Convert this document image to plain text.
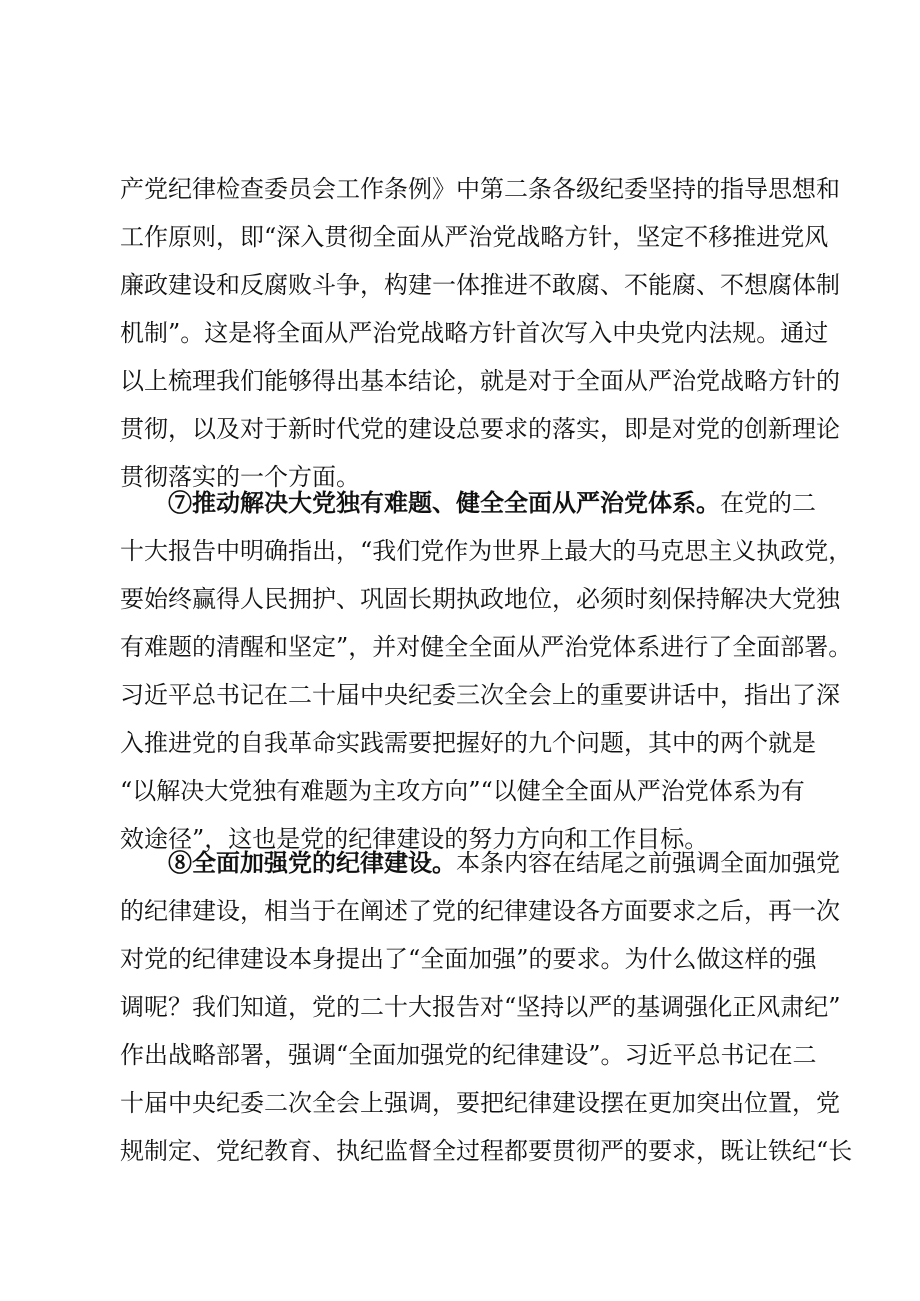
产党纪律检查委员会工作条例》中第二条各级纪委坚持的指导思想和
工作原则，即“深入贯彻全面从严治党战略方针，坚定不移推进党风
廉政建设和反腐败斗争，构建一体推进不敢腐、不能腐、不想腐体制
机制”。这是将全面从严治党战略方针首次写入中央党内法规。通过
以上梳理我们能够得出基本结论，就是对于全面从严治党战略方针的
贯彻，以及对于新时代党的建设总要求的落实，即是对党的创新理论
贯彻落实的一个方面。
⑦推动解决大党独有难题、健全全面从严治党体系。在党的二
十大报告中明确指出，“我们党作为世界上最大的马克思主义执政党，
要始终赢得人民拥护、巩固长期执政地位，必须时刻保持解决大党独
有难题的清醒和坚定”，并对健全全面从严治党体系进行了全面部署。
习近平总书记在二十届中央纪委三次全会上的重要讲话中，指出了深
入推进党的自我革命实践需要把握好的九个问题，其中的两个就是
“以解决大党独有难题为主攻方向”“以健全全面从严治党体系为有
效途径”，这也是党的纪律建设的努力方向和工作目标。
⑧全面加强党的纪律建设。本条内容在结尾之前强调全面加强党
的纪律建设，相当于在阐述了党的纪律建设各方面要求之后，再一次
对党的纪律建设本身提出了“全面加强”的要求。为什么做这样的强
调呢？我们知道，党的二十大报告对“坚持以严的基调强化正风肃纪”
作出战略部署，强调“全面加强党的纪律建设”。习近平总书记在二
十届中央纪委二次全会上强调，要把纪律建设摆在更加突出位置，党
规制定、党纪教育、执纪监督全过程都要贯彻严的要求，既让铁纪“长
